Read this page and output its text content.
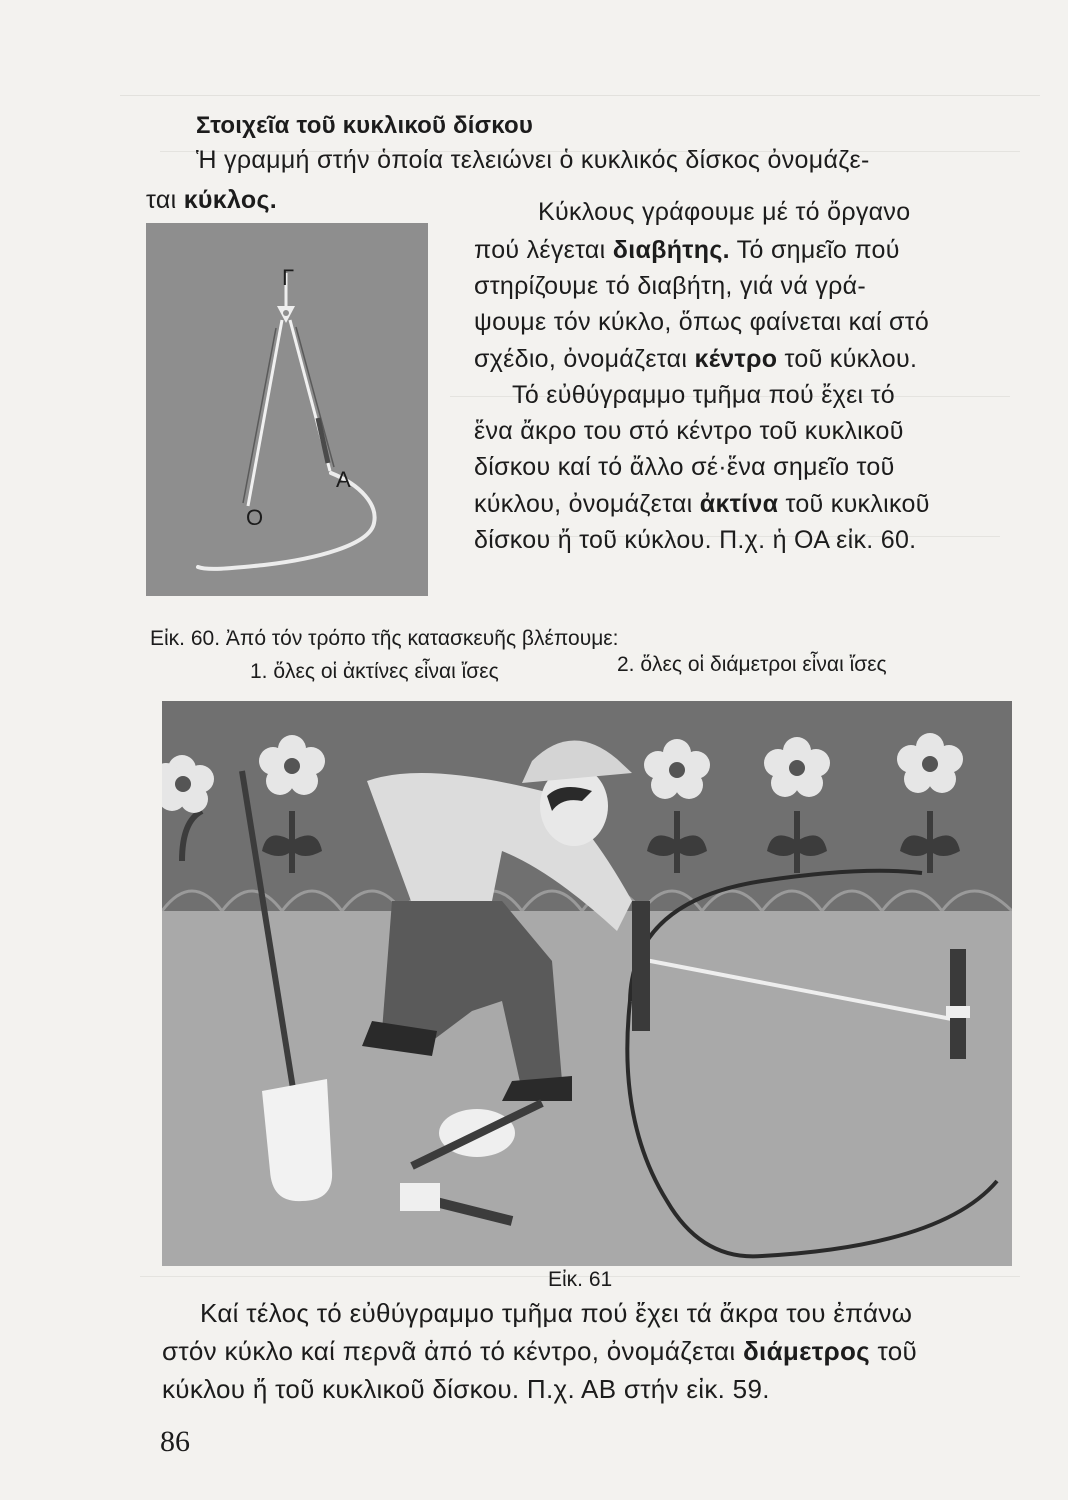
Στοιχεῖα τοῦ κυκλικοῦ δίσκου
Ἡ γραμμή στήν ὁποία τελειώνει ὁ κυκλικός δίσκος ὀνομάζε-
ται κύκλος.	Κύκλους γράφουμε μέ τό ὄργανο
πού λέγεται διαβήτης. Τό σημεῖο πού
στηρίζουμε τό διαβήτη, γιά νά γρά-
ψουμε τόν κύκλο, ὅπως φαίνεται καί στό
σχέδιο, ὀνομάζεται κέντρο τοῦ κύκλου.
Τό εὐθύγραμμο τμῆμα πού ἔχει τό
ἕνα ἄκρο του στό κέντρο τοῦ κυκλικοῦ
δίσκου καί τό ἄλλο σέ·ἕνα σημεῖο τοῦ
κύκλου, ὀνομάζεται ἀκτίνα τοῦ κυκλικοῦ
δίσκου ἤ τοῦ κύκλου. Π.χ. ἡ ΟΑ εἰκ. 60.
Γ
O
A
Εἰκ. 60. Ἀπό τόν τρόπο τῆς κατασκευῆς βλέπουμε:
1. ὅλες οἱ ἀκτίνες εἶναι ἴσες	2. ὅλες οἱ διάμετροι εἶναι ἴσες
Εἰκ. 61
Καί τέλος τό εὐθύγραμμο τμῆμα πού ἔχει τά ἄκρα του ἐπάνω
στόν κύκλο καί περνᾶ ἀπό τό κέντρο, ὀνομάζεται διάμετρος τοῦ
κύκλου ἤ τοῦ κυκλικοῦ δίσκου. Π.χ. ΑΒ στήν εἰκ. 59.
86
